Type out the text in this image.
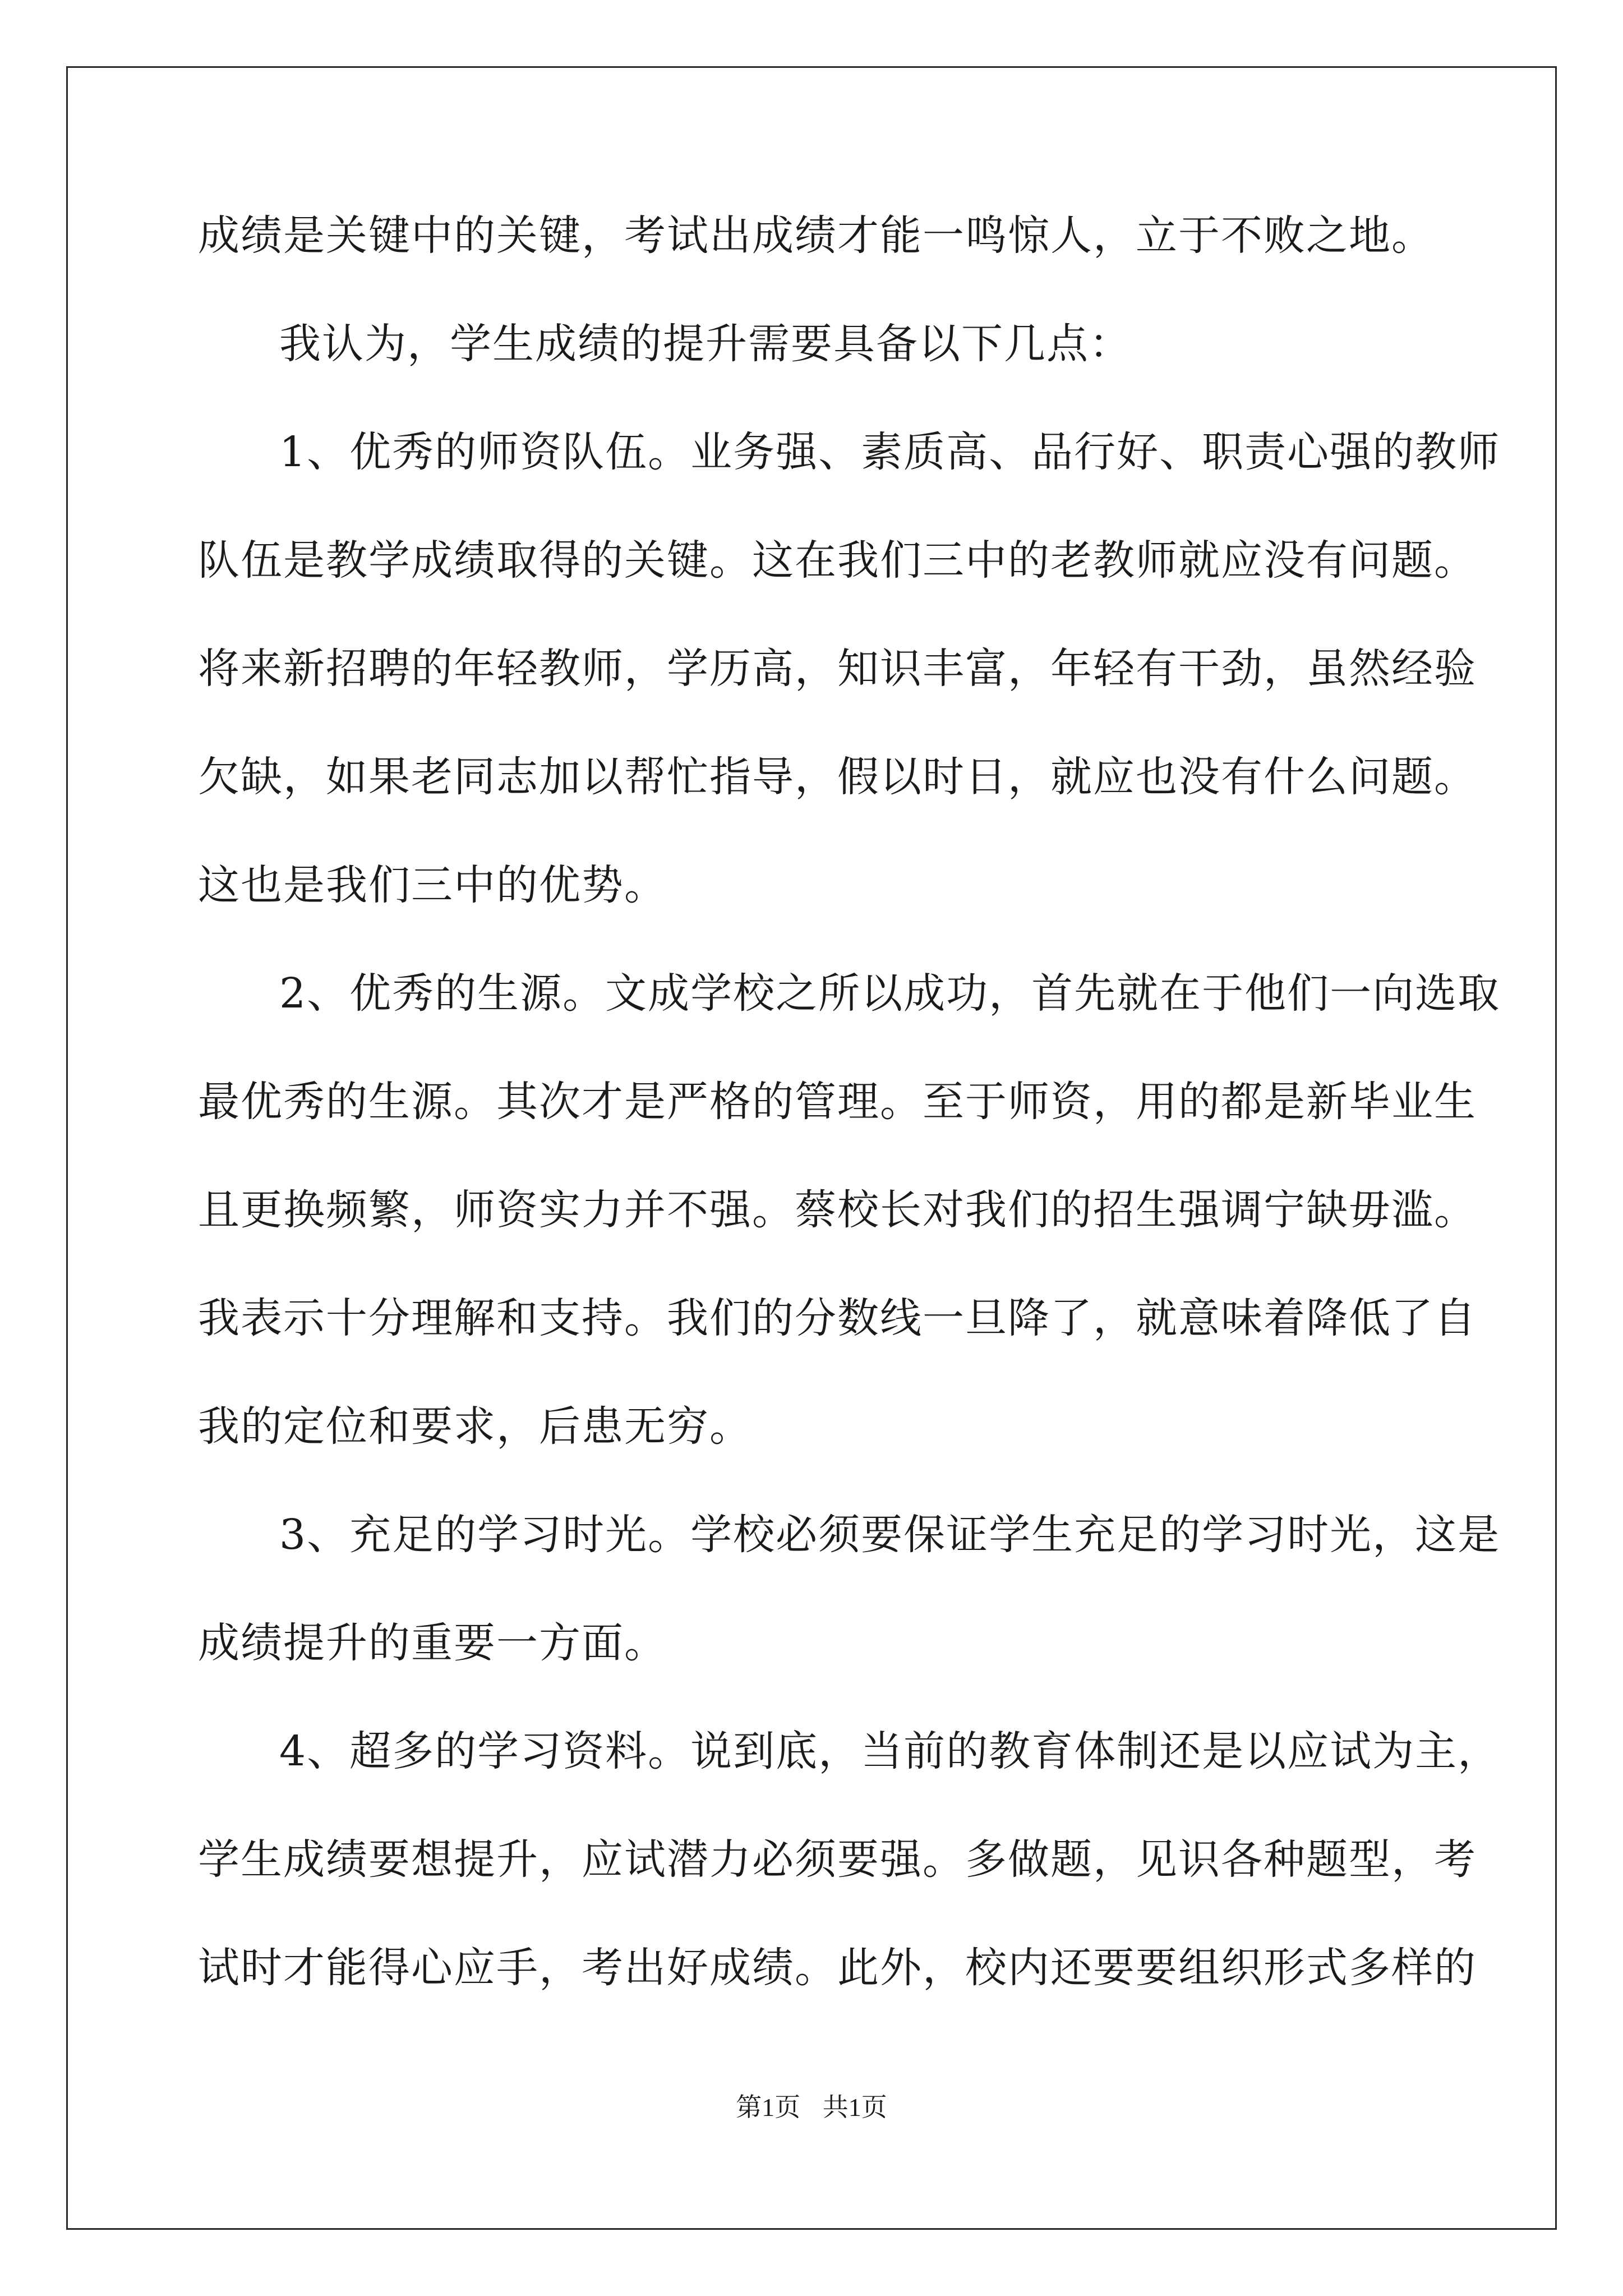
成绩是关键中的关键，考试出成绩才能一鸣惊人，立于不败之地。
我认为，学生成绩的提升需要具备以下几点：
1、优秀的师资队伍。业务强、素质高、品行好、职责心强的教师
队伍是教学成绩取得的关键。这在我们三中的老教师就应没有问题。
将来新招聘的年轻教师，学历高，知识丰富，年轻有干劲，虽然经验
欠缺，如果老同志加以帮忙指导，假以时日，就应也没有什么问题。
这也是我们三中的优势。
2、优秀的生源。文成学校之所以成功，首先就在于他们一向选取
最优秀的生源。其次才是严格的管理。至于师资，用的都是新毕业生
且更换频繁，师资实力并不强。蔡校长对我们的招生强调宁缺毋滥。
我表示十分理解和支持。我们的分数线一旦降了，就意味着降低了自
我的定位和要求，后患无穷。
3、充足的学习时光。学校必须要保证学生充足的学习时光，这是
成绩提升的重要一方面。
4、超多的学习资料。说到底，当前的教育体制还是以应试为主，
学生成绩要想提升，应试潜力必须要强。多做题，见识各种题型，考
试时才能得心应手，考出好成绩。此外，校内还要要组织形式多样的
第1页 共1页
